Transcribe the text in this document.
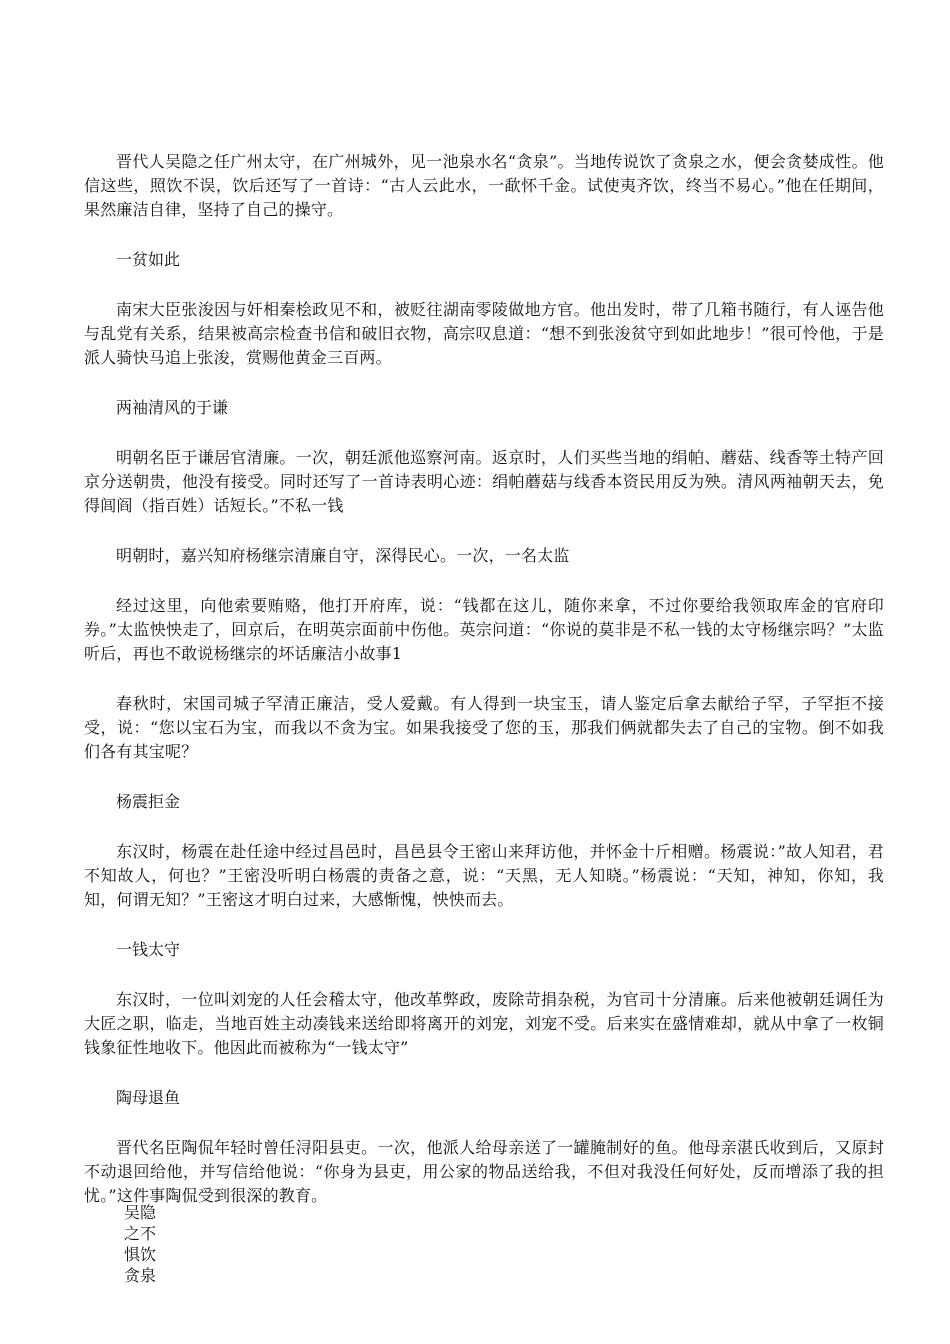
晋代人吴隐之任广州太守，在广州城外，见一池泉水名“贪泉”。当地传说饮了贪泉之水，便会贪婪成性。他信这些，照饮不误，饮后还写了一首诗：“古人云此水，一歃怀千金。试使夷齐饮，终当不易心。”他在任期间，果然廉洁自律，坚持了自己的操守。

一贫如此

南宋大臣张浚因与奸相秦桧政见不和，被贬往湖南零陵做地方官。他出发时，带了几箱书随行，有人诬告他与乱党有关系，结果被高宗检查书信和破旧衣物，高宗叹息道：“想不到张浚贫守到如此地步！”很可怜他，于是派人骑快马追上张浚，赏赐他黄金三百两。

两袖清风的于谦

明朝名臣于谦居官清廉。一次，朝廷派他巡察河南。返京时，人们买些当地的绢帕、蘑菇、线香等土特产回京分送朝贵，他没有接受。同时还写了一首诗表明心迹：绢帕蘑菇与线香本资民用反为殃。清风两袖朝天去，免得闾阎（指百姓）话短长。”不私一钱

明朝时，嘉兴知府杨继宗清廉自守，深得民心。一次，一名太监

经过这里，向他索要贿赂，他打开府库，说：“钱都在这儿，随你来拿，不过你要给我领取库金的官府印券。”太监怏怏走了，回京后，在明英宗面前中伤他。英宗问道：“你说的莫非是不私一钱的太守杨继宗吗？”太监听后，再也不敢说杨继宗的坏话廉洁小故事1

春秋时，宋国司城子罕清正廉洁，受人爱戴。有人得到一块宝玉，请人鉴定后拿去献给子罕，子罕拒不接受，说：“您以宝石为宝，而我以不贪为宝。如果我接受了您的玉，那我们俩就都失去了自己的宝物。倒不如我们各有其宝呢？

杨震拒金

东汉时，杨震在赴任途中经过昌邑时，昌邑县令王密山来拜访他，并怀金十斤相赠。杨震说：”故人知君，君不知故人，何也？”王密没听明白杨震的责备之意，说：“天黑，无人知晓。”杨震说：“天知，神知，你知，我知，何谓无知？”王密这才明白过来，大感惭愧，怏怏而去。

一钱太守

东汉时，一位叫刘宠的人任会稽太守，他改革弊政，废除苛捐杂税，为官司十分清廉。后来他被朝廷调任为大匠之职，临走，当地百姓主动凑钱来送给即将离开的刘宠，刘宠不受。后来实在盛情难却，就从中拿了一枚铜钱象征性地收下。他因此而被称为“一钱太守”

陶母退鱼

晋代名臣陶侃年轻时曾任浔阳县吏。一次，他派人给母亲送了一罐腌制好的鱼。他母亲湛氏收到后，又原封不动退回给他，并写信给他说：“你身为县吏，用公家的物品送给我，不但对我没任何好处，反而增添了我的担忧。”这件事陶侃受到很深的教育。

吴隐
之不
惧饮
贪泉
